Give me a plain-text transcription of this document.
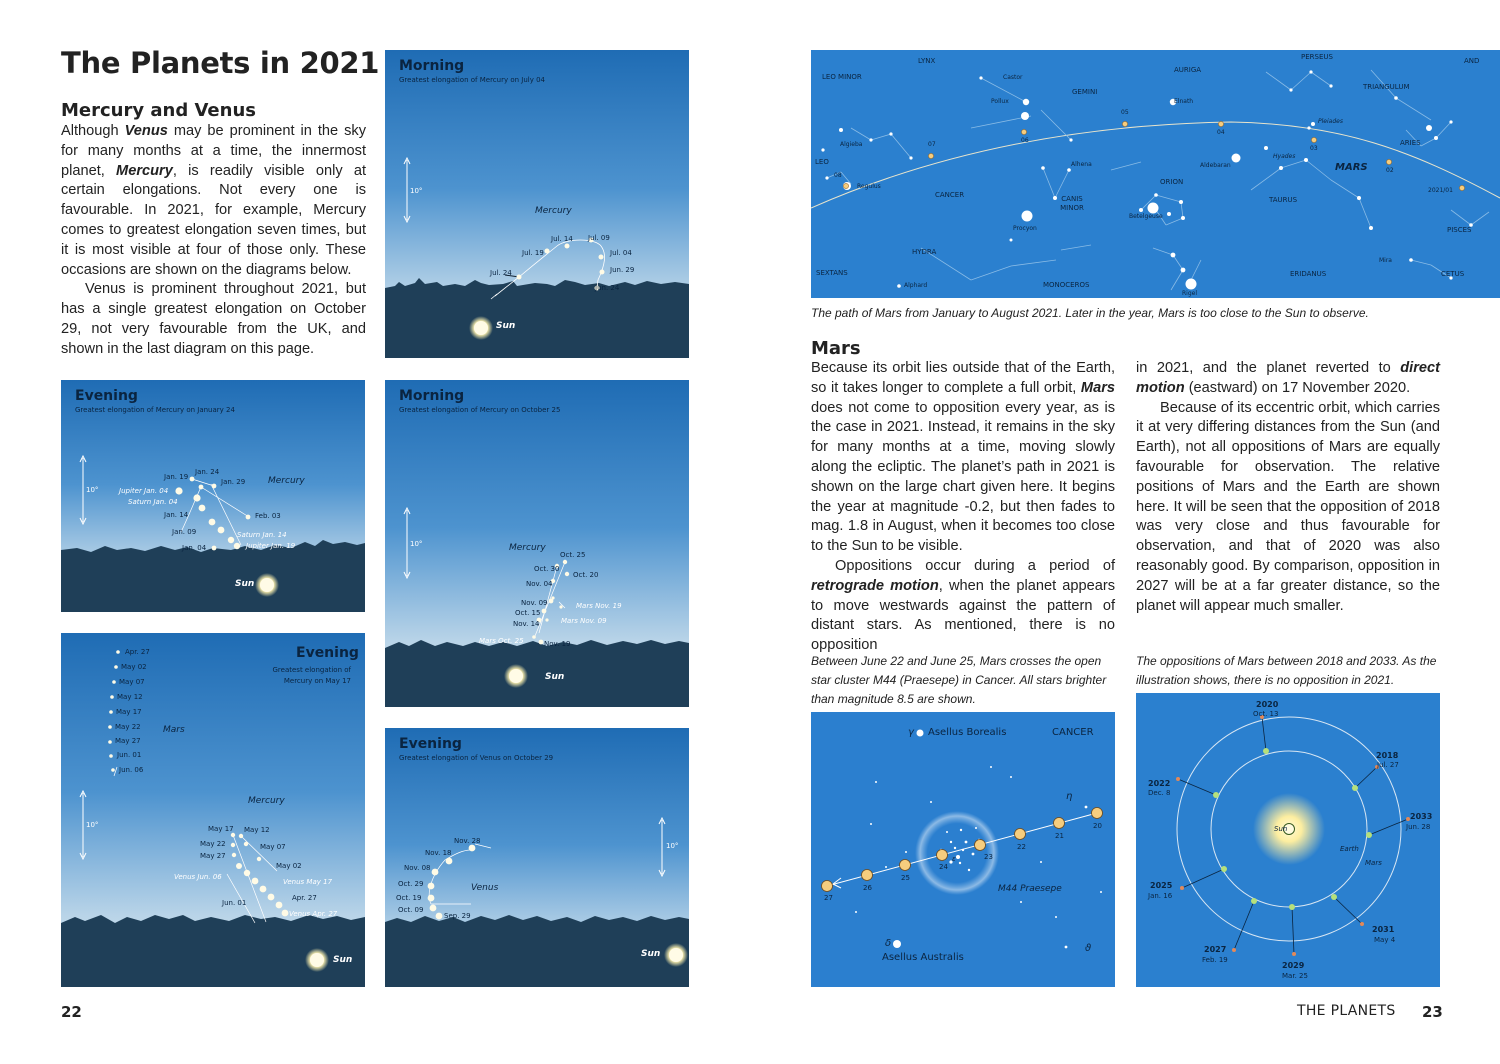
The Planets in 2021
Mercury and Venus

Although Venus may be prominent in the sky for many months at a time, the innermost planet, Mercury, is readily visible only at certain elongations. Not every one is favourable. In 2021, for example, Mercury comes to greatest elongation seven times, but it is most visible at four of those only. These occasions are shown on the diagrams below.

Venus is prominent throughout 2021, but has a single greatest elongation on October 29, not very favourable from the UK, and shown in the last diagram on this page.

Morning
Greatest elongation of Mercury on July 04
10°
Mercury
Sun
Jul. 14 Jul. 09
Jul. 19	Jul. 04
Jul. 24	Jun. 29
Jun. 24
Evening
Greatest elongation of Mercury on January 24
10°
Mercury
Sun
Jan. 19
Jan. 24
Jan. 29
Jupiter Jan. 04
Saturn Jan. 04
Jan. 14	Feb. 03
Jan. 09	Saturn Jan. 14
Jan. 04	Jupiter Jan. 19
Evening
Greatest elongation of Mercury on May 17
10°
Mercury
Mars
Sun
Apr. 27
May 02
May 07
May 12
May 17
May 22
May 27
Jun. 01
Jun. 06
May 17 May 12
May 22	May 07
May 27
May 02
Venus Jun. 06
Venus May 17
Apr. 27
Jun. 01
Venus Apr. 27
Morning
Greatest elongation of Mercury on October 25
10°	Mercury
Sun
Oct. 25
Oct. 30
Oct. 20
Nov. 04
Nov. 09	Mars Nov. 19
Oct. 15
Nov. 14	Mars Nov. 09
Mars Oct. 25	Nov. 19
Evening
Greatest elongation of Venus on October 29
10°
Venus
Sun
Nov. 28
Nov. 18
Nov. 08
Oct. 29
Oct. 19
Oct. 09
Sep. 29
22
LYNX	PERSEUS	AND
LEO MINOR
AURIGA
TRIANGULUM
GEMINI
LEO
ARIES
CANCER	CANIS MINOR
ORION
TAURUS
PISCES
HYDRA
SEXTANS	ERIDANUS	CETUS
MONOCEROS
Castor
Pollux	Elnath
Pleiades
Algieba
Regulus
Alhena
Hyades
Aldebaran
Betelgeuse
Procyon
Mira
Alphard
Rigel
08
07
06
05
04
03
02
2021/01
MARS
The path of Mars from January to August 2021. Later in the year, Mars is too close to the Sun to observe.
Mars

Because its orbit lies outside that of the Earth, so it takes longer to complete a full orbit, Mars does not come to opposition every year, as is the case in 2021. Instead, it remains in the sky for many months at a time, moving slowly along the ecliptic. The planet’s path in 2021 is shown on the large chart given here. It begins the year at magnitude -0.2, but then fades to mag. 1.8 in August, when it becomes too close to the Sun to be visible.

Oppositions occur during a period of retrograde motion, when the planet appears to move westwards against the pattern of distant stars. As mentioned, there is no opposition

in 2021, and the planet reverted to direct motion (eastward) on 17 November 2020.

Because of its eccentric orbit, which carries it at very differing distances from the Sun (and Earth), not all oppositions of Mars are equally favourable for observation. The relative positions of Mars and the Earth are shown here. It will be seen that the opposition of 2018 was very close and thus favourable for observation, and that of 2020 was also reasonably good. By comparison, opposition in 2027 will be at a far greater distance, so the planet will appear much smaller.

Between June 22 and June 25, Mars crosses the open star cluster M44 (Praesepe) in Cancer. All stars brighter than magnitude 8.5 are shown.
The oppositions of Mars between 2018 and 2033. As the illustration shows, there is no opposition in 2021.
γ Asellus Borealis	CANCER
η
ε
M44 Praesepe
δ
Asellus Australis
ϑ
27
26
25
24
23
22
21
20	Sun
Earth
Mars
2020
Oct. 13
2018
Jul. 27
2022
Dec. 8
2033
Jun. 28
2025
Jan. 16
2031
May 4
2027
Feb. 19
2029
Mar. 25
THE PLANETS 23
